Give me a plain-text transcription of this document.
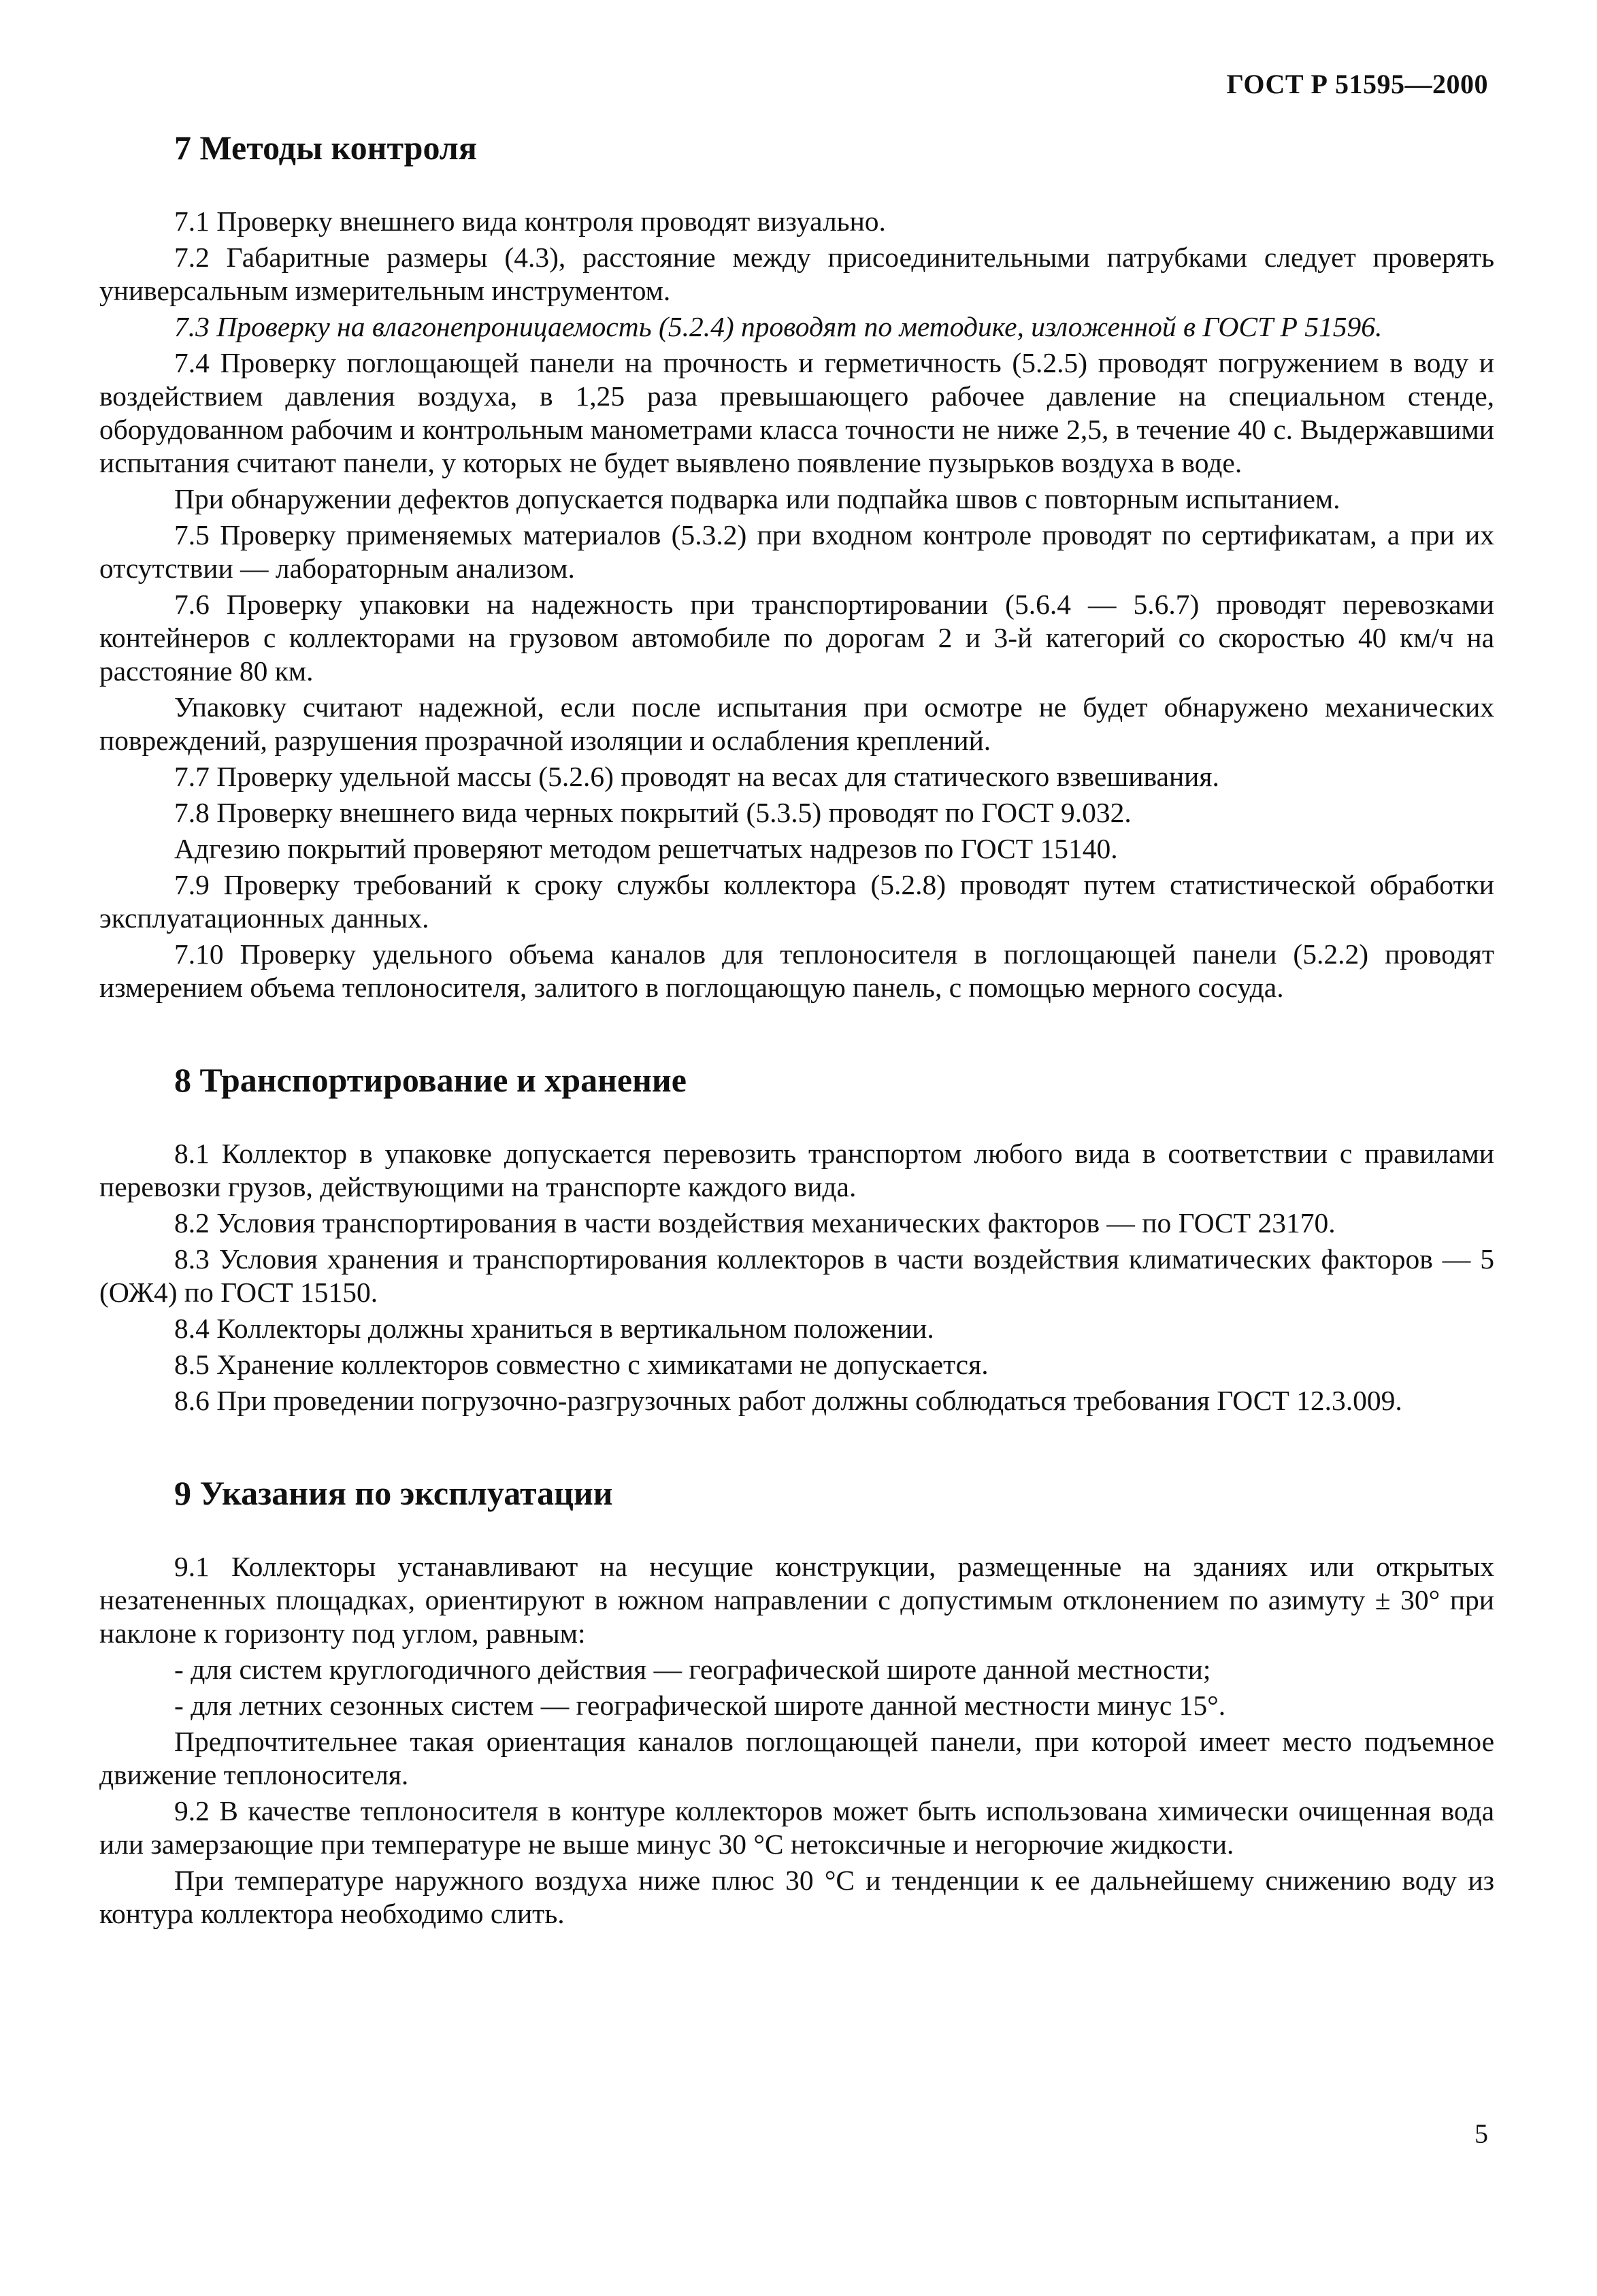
ГОСТ Р 51595—2000
7 Методы контроля

7.1 Проверку внешнего вида контроля проводят визуально.

7.2 Габаритные размеры (4.3), расстояние между присоединительными патрубками следует проверять универсальным измерительным инструментом.

7.3 Проверку на влагонепроницаемость (5.2.4) проводят по методике, изложенной в ГОСТ Р 51596.

7.4 Проверку поглощающей панели на прочность и герметичность (5.2.5) проводят погружением в воду и воздействием давления воздуха, в 1,25 раза превышающего рабочее давление на специальном стенде, оборудованном рабочим и контрольным манометрами класса точности не ниже 2,5, в течение 40 с. Выдержавшими испытания считают панели, у которых не будет выявлено появление пузырьков воздуха в воде.

При обнаружении дефектов допускается подварка или подпайка швов с повторным испытанием.

7.5 Проверку применяемых материалов (5.3.2) при входном контроле проводят по сертификатам, а при их отсутствии — лабораторным анализом.

7.6 Проверку упаковки на надежность при транспортировании (5.6.4 — 5.6.7) проводят перевозками контейнеров с коллекторами на грузовом автомобиле по дорогам 2 и 3-й категорий со скоростью 40 км/ч на расстояние 80 км.

Упаковку считают надежной, если после испытания при осмотре не будет обнаружено механических повреждений, разрушения прозрачной изоляции и ослабления креплений.

7.7 Проверку удельной массы (5.2.6) проводят на весах для статического взвешивания.

7.8 Проверку внешнего вида черных покрытий (5.3.5) проводят по ГОСТ 9.032.

Адгезию покрытий проверяют методом решетчатых надрезов по ГОСТ 15140.

7.9 Проверку требований к сроку службы коллектора (5.2.8) проводят путем статистической обработки эксплуатационных данных.

7.10 Проверку удельного объема каналов для теплоносителя в поглощающей панели (5.2.2) проводят измерением объема теплоносителя, залитого в поглощающую панель, с помощью мерного сосуда.

8 Транспортирование и хранение

8.1 Коллектор в упаковке допускается перевозить транспортом любого вида в соответствии с правилами перевозки грузов, действующими на транспорте каждого вида.

8.2 Условия транспортирования в части воздействия механических факторов — по ГОСТ 23170.

8.3 Условия хранения и транспортирования коллекторов в части воздействия климатических факторов — 5 (ОЖ4) по ГОСТ 15150.

8.4 Коллекторы должны храниться в вертикальном положении.

8.5 Хранение коллекторов совместно с химикатами не допускается.

8.6 При проведении погрузочно-разгрузочных работ должны соблюдаться требования ГОСТ 12.3.009.

9 Указания по эксплуатации

9.1 Коллекторы устанавливают на несущие конструкции, размещенные на зданиях или открытых незатененных площадках, ориентируют в южном направлении с допустимым отклонением по азимуту ± 30° при наклоне к горизонту под углом, равным:

- для систем круглогодичного действия — географической широте данной местности;
- для летних сезонных систем — географической широте данной местности минус 15°.

Предпочтительнее такая ориентация каналов поглощающей панели, при которой имеет место подъемное движение теплоносителя.

9.2 В качестве теплоносителя в контуре коллекторов может быть использована химически очищенная вода или замерзающие при температуре не выше минус 30 °С нетоксичные и негорючие жидкости.

При температуре наружного воздуха ниже плюс 30 °С и тенденции к ее дальнейшему снижению воду из контура коллектора необходимо слить.

5
